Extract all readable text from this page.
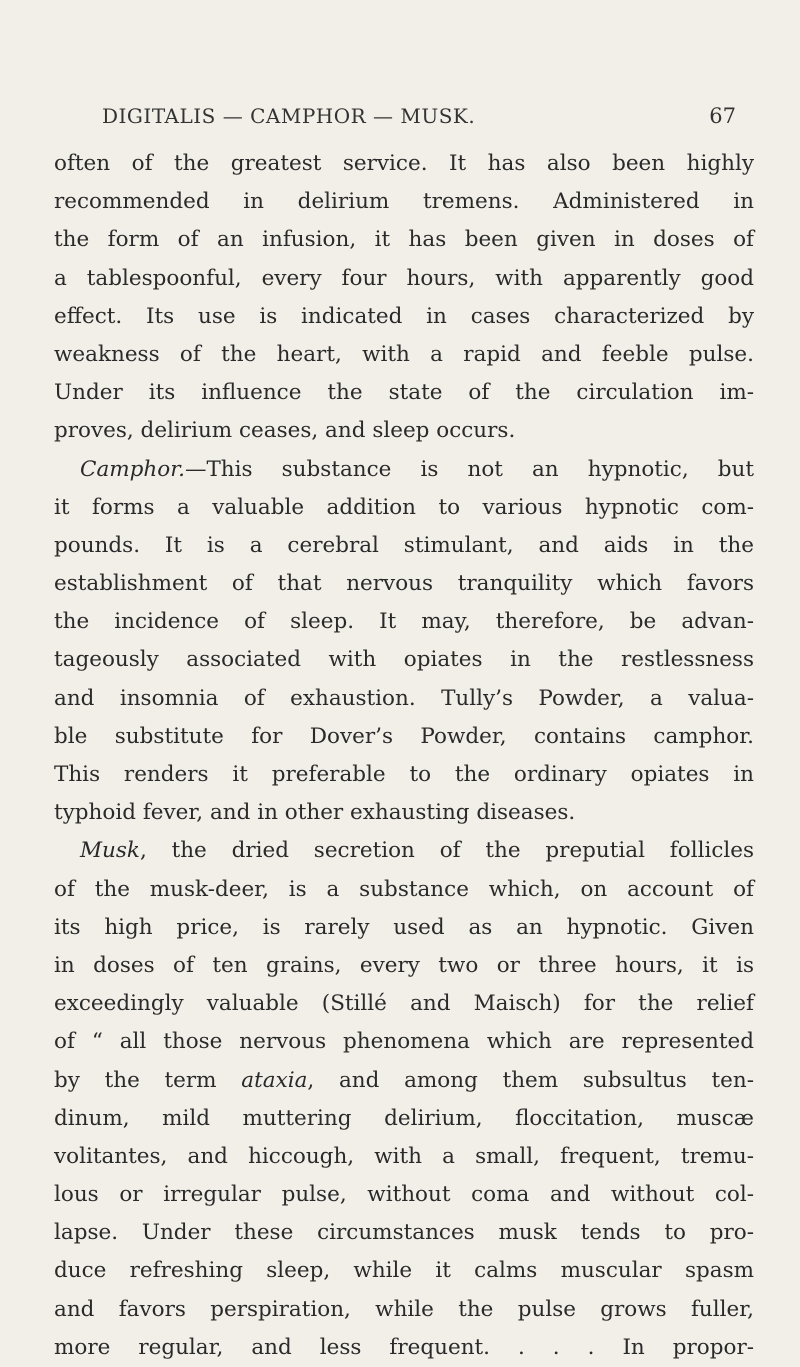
DIGITALIS — CAMPHOR — MUSK.	67
often of the greatest service. It has also been highly
recommended in delirium tremens. Administered in
the form of an infusion, it has been given in doses of
a tablespoonful, every four hours, with apparently good
effect. Its use is indicated in cases characterized by
weakness of the heart, with a rapid and feeble pulse.
Under its influence the state of the circulation im-
proves, delirium ceases, and sleep occurs.
Camphor.—This substance is not an hypnotic, but
it forms a valuable addition to various hypnotic com-
pounds. It is a cerebral stimulant, and aids in the
establishment of that nervous tranquility which favors
the incidence of sleep. It may, therefore, be advan-
tageously associated with opiates in the restlessness
and insomnia of exhaustion. Tully’s Powder, a valua-
ble substitute for Dover’s Powder, contains camphor.
This renders it preferable to the ordinary opiates in
typhoid fever, and in other exhausting diseases.
Musk, the dried secretion of the preputial follicles
of the musk-deer, is a substance which, on account of
its high price, is rarely used as an hypnotic. Given
in doses of ten grains, every two or three hours, it is
exceedingly valuable (Stillé and Maisch) for the relief
of “ all those nervous phenomena which are represented
by the term ataxia, and among them subsultus ten-
dinum, mild muttering delirium, floccitation, muscæ
volitantes, and hiccough, with a small, frequent, tremu-
lous or irregular pulse, without coma and without col-
lapse. Under these circumstances musk tends to pro-
duce refreshing sleep, while it calms muscular spasm
and favors perspiration, while the pulse grows fuller,
more regular, and less frequent. . . . In propor-
